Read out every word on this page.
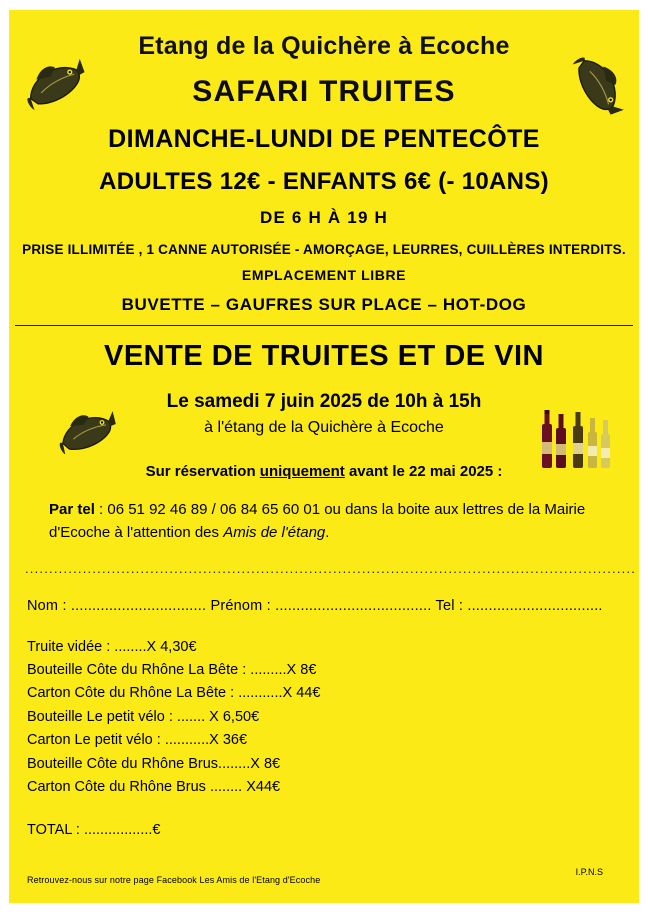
Etang de la Quichère à Ecoche
SAFARI TRUITES
DIMANCHE-LUNDI DE PENTECÔTE
ADULTES 12€ - ENFANTS 6€ (- 10ANS)
DE 6 H À 19 H
PRISE ILLIMITÉE , 1 CANNE AUTORISÉE - AMORÇAGE, LEURRES, CUILLÈRES INTERDITS.
EMPLACEMENT LIBRE
BUVETTE – GAUFRES SUR PLACE – HOT-DOG
VENTE DE TRUITES ET DE VIN
Le samedi 7 juin 2025 de 10h à 15h
à l'étang de la Quichère à Ecoche
Sur réservation uniquement avant le 22 mai 2025 :
Par tel : 06 51 92 46 89 / 06 84 65 60 01 ou dans la boite aux lettres de la Mairie d'Ecoche à l'attention des Amis de l'étang.
...............................................................................................................................
Nom : ................................ Prénom : ..................................... Tel : ................................
Truite vidée : ........X 4,30€
Bouteille Côte du Rhône La Bête : .........X 8€
Carton Côte du Rhône La Bête : ...........X 44€
Bouteille Le petit vélo : ....... X 6,50€
Carton Le petit vélo : ...........X 36€
Bouteille Côte du Rhône Brus........X 8€
Carton Côte du Rhône Brus ........ X44€
TOTAL : .................€
Retrouvez-nous sur notre page Facebook Les Amis de l'Etang d'Ecoche
I.P.N.S
